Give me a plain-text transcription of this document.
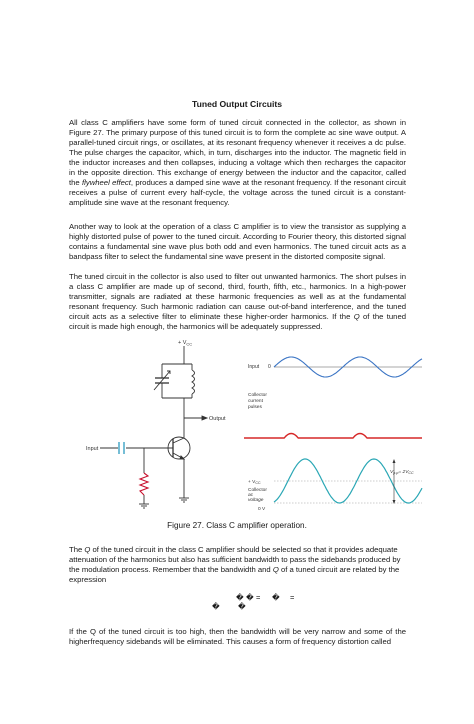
Tuned Output Circuits

All class C amplifiers have some form of tuned circuit connected in the collector, as shown in Figure 27. The primary purpose of this tuned circuit is to form the complete ac sine wave output. A parallel-tuned circuit rings, or oscillates, at its resonant frequency whenever it receives a dc pulse. The pulse charges the capacitor, which, in turn, discharges into the inductor. The magnetic field in the inductor increases and then collapses, inducing a voltage which then recharges the capacitor in the opposite direction. This exchange of energy between the inductor and the capacitor, called the flywheel effect, produces a damped sine wave at the resonant frequency. If the resonant circuit receives a pulse of current every half-cycle, the voltage across the tuned circuit is a constant-amplitude sine wave at the resonant frequency.

Another way to look at the operation of a class C amplifier is to view the transistor as supplying a highly distorted pulse of power to the tuned circuit. According to Fourier theory, this distorted signal contains a fundamental sine wave plus both odd and even harmonics. The tuned circuit acts as a bandpass filter to select the fundamental sine wave present in the distorted composite signal.

The tuned circuit in the collector is also used to filter out unwanted harmonics. The short pulses in a class C amplifier are made up of second, third, fourth, fifth, etc., harmonics. In a high-power transmitter, signals are radiated at these harmonic frequencies as well as at the fundamental resonant frequency. Such harmonic radiation can cause out-of-band interference, and the tuned circuit acts as a selective filter to eliminate these higher-order harmonics. If the Q of the tuned circuit is made high enough, the harmonics will be adequately suppressed.

+ $V_{CC}$
Output
Input
Input 0
Collector current pulses
$V_{p-p}= 2V_{CC}$
+ $V_{CC}$
Collector ac voltage
0 V
Figure 27. Class C amplifier operation.

The Q of the tuned circuit in the class C amplifier should be selected so that it provides adequate attenuation of the harmonics but also has sufficient bandwidth to pass the sidebands produced by the modulation process. Remember that the bandwidth and Q of a tuned circuit are related by the expression

� � = � =
� �

If the Q of the tuned circuit is too high, then the bandwidth will be very narrow and some of the higherfrequency sidebands will be eliminated. This causes a form of frequency distortion called
